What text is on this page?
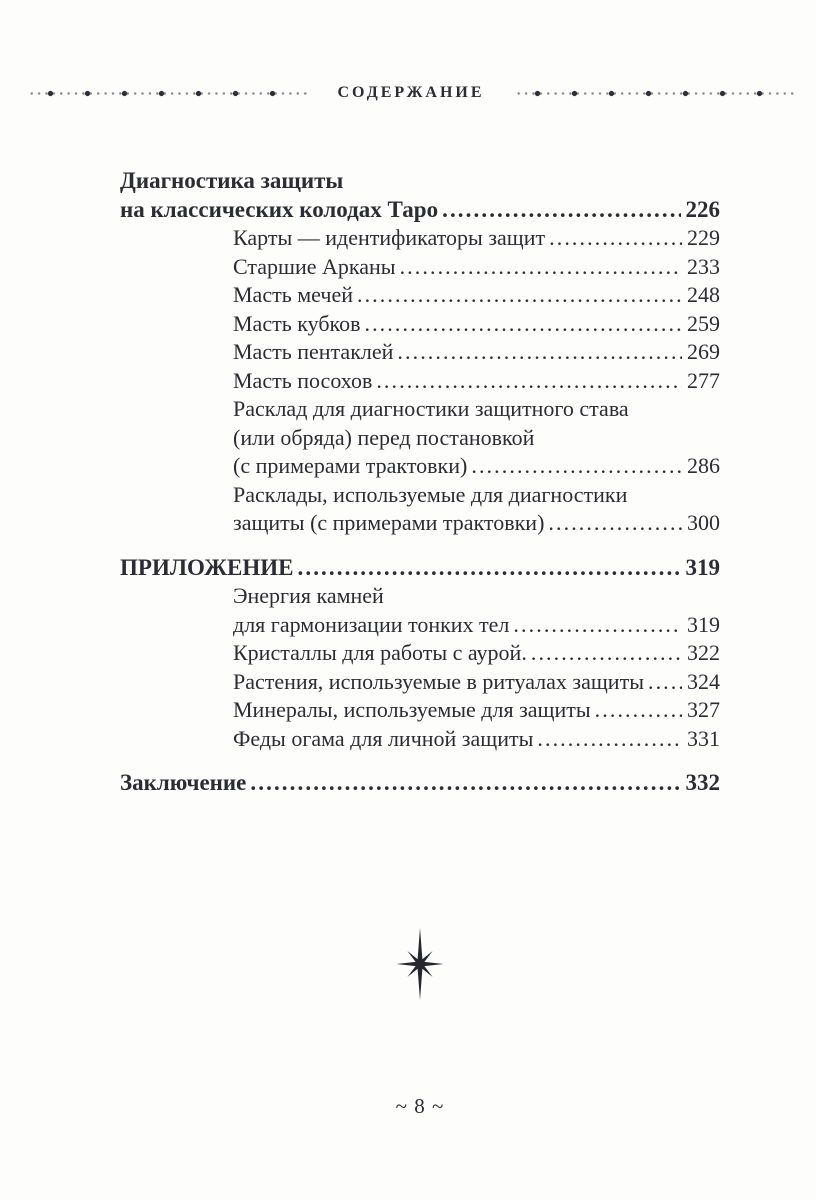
СОДЕРЖАНИЕ
Диагностика защиты
на классических колодах Таро .....	226
Карты — идентификаторы защит .....	229
Старшие Арканы .....	233
Масть мечей .....	248
Масть кубков .....	259
Масть пентаклей .....	269
Масть посохов .....	277
Расклад для диагностики защитного става
(или обряда) перед постановкой
(с примерами трактовки) .....	286
Расклады, используемые для диагностики
защиты (с примерами трактовки) .....	300
ПРИЛОЖЕНИЕ .....	319
Энергия камней
для гармонизации тонких тел .....	319
Кристаллы для работы с аурой. .....	322
Растения, используемые в ритуалах защиты ..... 324
Минералы, используемые для защиты .....	327
Феды огама для личной защиты .....	331
Заключение .....	332
~ 8 ~
